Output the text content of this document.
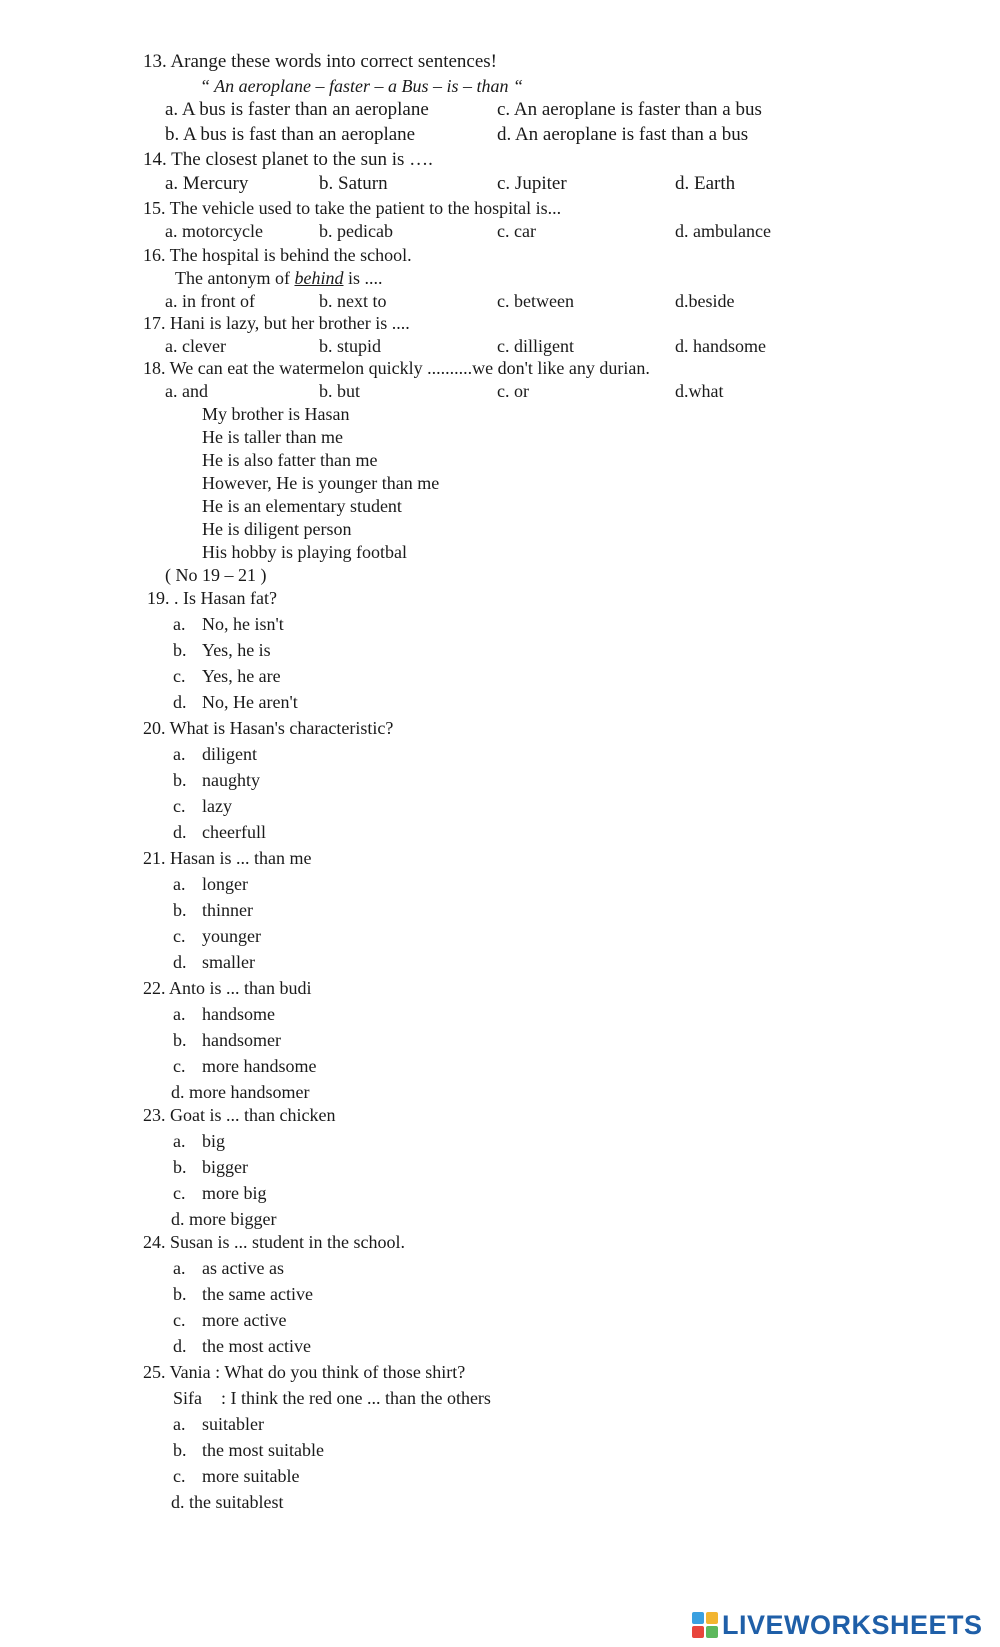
13. Arange these words into correct sentences!
“ An aeroplane – faster – a Bus – is – than “
a. A bus is faster than an aeroplane	c. An aeroplane is faster than a bus
b. A bus is fast than an aeroplane	d. An aeroplane is fast than a bus
14. The closest planet to the sun is ….
a. Mercury	b. Saturn	c. Jupiter	d. Earth
15. The vehicle used to take the patient to the hospital is...
a. motorcycle	b. pedicab	c. car	d. ambulance
16. The hospital is behind the school.
The antonym of behind is ....
a. in front of	b. next to	c. between	d.beside
17. Hani is lazy, but her brother is ....
a. clever	b. stupid	c. dilligent	d. handsome
18. We can eat the watermelon quickly ..........we don't like any durian.
a. and	b. but	c. or	d.what
My brother is Hasan
He is taller than me
He is also fatter than me
However, He is younger than me
He is an elementary student
He is diligent person
His hobby is playing footbal
( No 19 – 21 )
19. . Is Hasan fat?
a. No, he isn't
b. Yes, he is
c. Yes, he are
d. No, He aren't
20. What is Hasan's characteristic?
a. diligent
b. naughty
c. lazy
d. cheerfull
21. Hasan is ... than me
a. longer
b. thinner
c. younger
d. smaller
22. Anto is ... than budi
a. handsome
b. handsomer
c. more handsome
d. more handsomer
23. Goat is ... than chicken
a. big
b. bigger
c. more big
d. more bigger
24. Susan is ... student in the school.
a. as active as
b. the same active
c. more active
d. the most active
25. Vania : What do you think of those shirt?
Sifa : I think the red one ... than the others
a. suitabler
b. the most suitable
c. more suitable
d. the suitablest
LIVEWORKSHEETS
